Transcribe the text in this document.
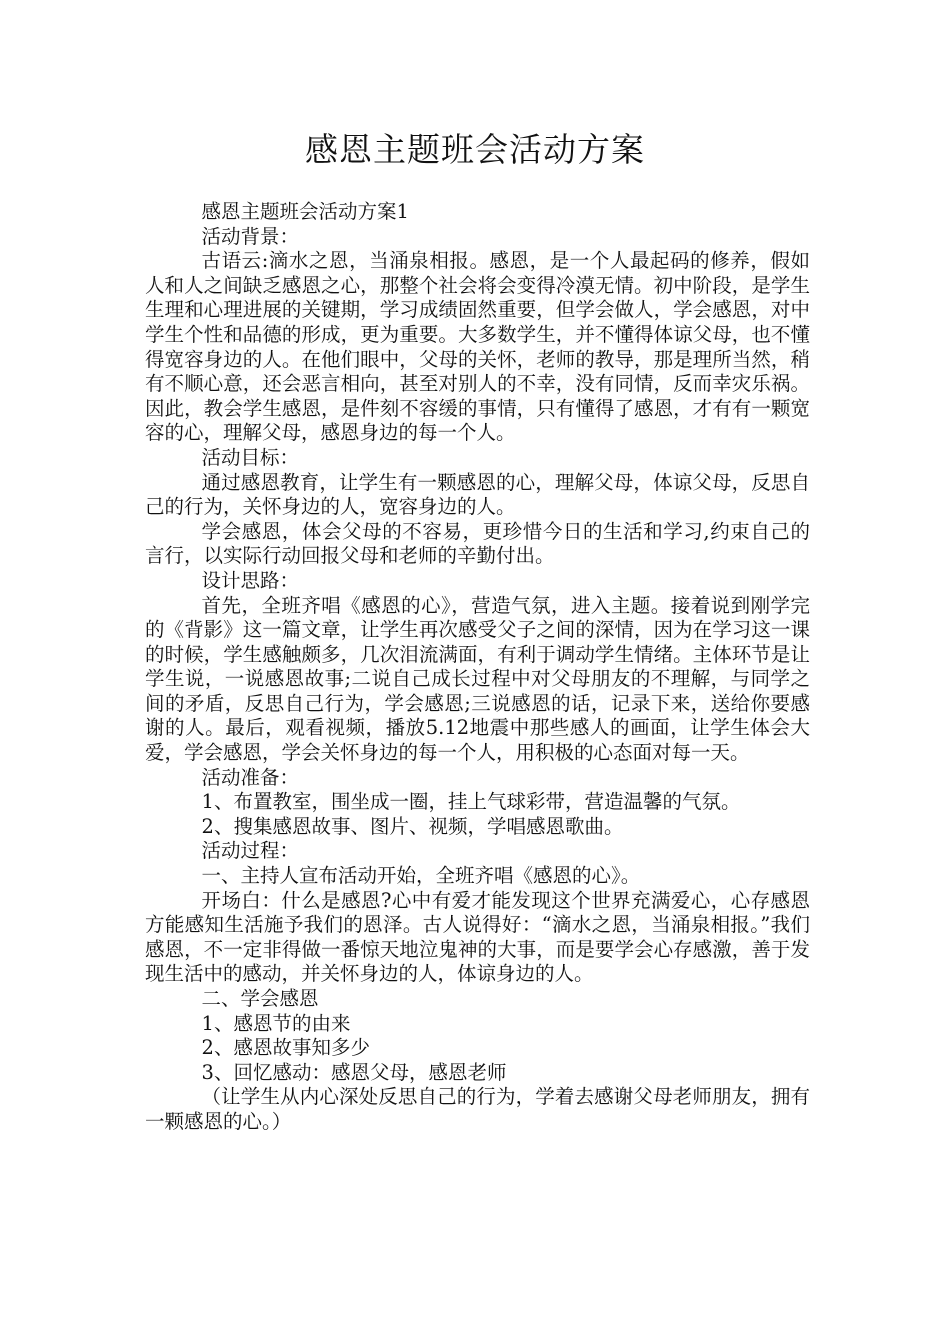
感恩主题班会活动方案

感恩主题班会活动方案1

活动背景：

古语云:滴水之恩，当涌泉相报。感恩，是一个人最起码的修养，假如人和人之间缺乏感恩之心，那整个社会将会变得冷漠无情。初中阶段，是学生生理和心理进展的关键期，学习成绩固然重要，但学会做人，学会感恩，对中学生个性和品德的形成，更为重要。大多数学生，并不懂得体谅父母，也不懂得宽容身边的人。在他们眼中，父母的关怀，老师的教导，那是理所当然，稍有不顺心意，还会恶言相向，甚至对别人的不幸，没有同情，反而幸灾乐祸。因此，教会学生感恩，是件刻不容缓的事情，只有懂得了感恩，才有有一颗宽容的心，理解父母，感恩身边的每一个人。

活动目标：

通过感恩教育，让学生有一颗感恩的心，理解父母，体谅父母，反思自己的行为，关怀身边的人，宽容身边的人。

学会感恩，体会父母的不容易，更珍惜今日的生活和学习,约束自己的言行，以实际行动回报父母和老师的辛勤付出。

设计思路：

首先，全班齐唱《感恩的心》，营造气氛，进入主题。接着说到刚学完的《背影》这一篇文章，让学生再次感受父子之间的深情，因为在学习这一课的时候，学生感触颇多，几次泪流满面，有利于调动学生情绪。主体环节是让学生说，一说感恩故事;二说自己成长过程中对父母朋友的不理解，与同学之间的矛盾，反思自己行为，学会感恩;三说感恩的话，记录下来，送给你要感谢的人。最后，观看视频，播放5.12地震中那些感人的画面，让学生体会大爱，学会感恩，学会关怀身边的每一个人，用积极的心态面对每一天。

活动准备：

1、布置教室，围坐成一圈，挂上气球彩带，营造温馨的气氛。

2、搜集感恩故事、图片、视频，学唱感恩歌曲。

活动过程：

一、主持人宣布活动开始，全班齐唱《感恩的心》。

开场白：什么是感恩?心中有爱才能发现这个世界充满爱心，心存感恩方能感知生活施予我们的恩泽。古人说得好：“滴水之恩，当涌泉相报。”我们感恩，不一定非得做一番惊天地泣鬼神的大事，而是要学会心存感激，善于发现生活中的感动，并关怀身边的人，体谅身边的人。

二、学会感恩

1、感恩节的由来

2、感恩故事知多少

3、回忆感动：感恩父母，感恩老师

（让学生从内心深处反思自己的行为，学着去感谢父母老师朋友，拥有一颗感恩的心。）
